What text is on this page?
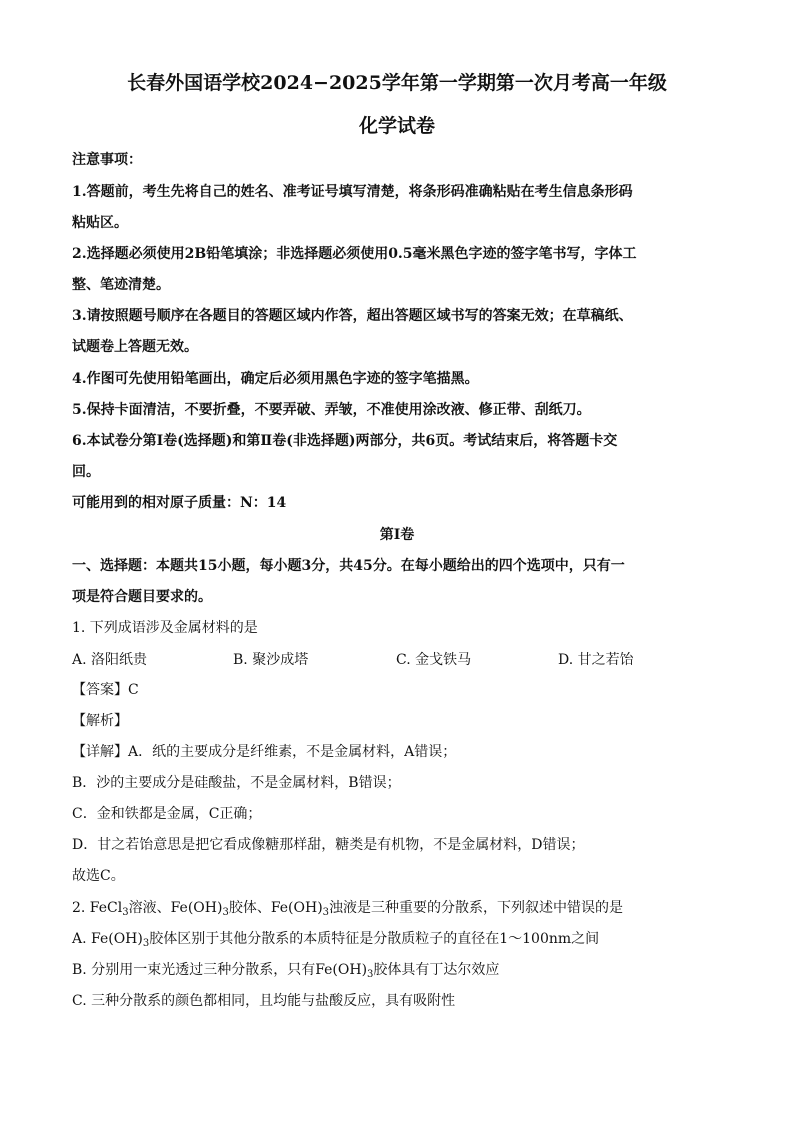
长春外国语学校2024−2025学年第一学期第一次月考高一年级
化学试卷
注意事项：
1.答题前，考生先将自己的姓名、准考证号填写清楚，将条形码准确粘贴在考生信息条形码
粘贴区。
2.选择题必须使用2B铅笔填涂；非选择题必须使用0.5毫米黑色字迹的签字笔书写，字体工
整、笔迹清楚。
3.请按照题号顺序在各题目的答题区域内作答，超出答题区域书写的答案无效；在草稿纸、
试题卷上答题无效。
4.作图可先使用铅笔画出，确定后必须用黑色字迹的签字笔描黑。
5.保持卡面清洁，不要折叠，不要弄破、弄皱，不准使用涂改液、修正带、刮纸刀。
6.本试卷分第Ⅰ卷(选择题)和第Ⅱ卷(非选择题)两部分，共6页。考试结束后，将答题卡交
回。
可能用到的相对原子质量：N：14
第Ⅰ卷
一、选择题：本题共15小题，每小题3分，共45分。在每小题给出的四个选项中，只有一
项是符合题目要求的。
1. 下列成语涉及金属材料的是
A. 洛阳纸贵	B. 聚沙成塔	C. 金戈铁马	D. 甘之若饴
【答案】C
【解析】
【详解】A．纸的主要成分是纤维素，不是金属材料，A错误；
B．沙的主要成分是硅酸盐，不是金属材料，B错误；
C．金和铁都是金属，C正确；
D．甘之若饴意思是把它看成像糖那样甜，糖类是有机物，不是金属材料，D错误；
故选C。
2. FeCl$_3$溶液、$Fe(OH)_3$胶体、$Fe(OH)_3$浊液是三种重要的分散系，下列叙述中错误的是
A. $Fe(OH)_3$胶体区别于其他分散系的本质特征是分散质粒子的直径在1～100nm之间
B. 分别用一束光透过三种分散系，只有$Fe(OH)_3$胶体具有丁达尔效应
C. 三种分散系的颜色都相同，且均能与盐酸反应，具有吸附性
